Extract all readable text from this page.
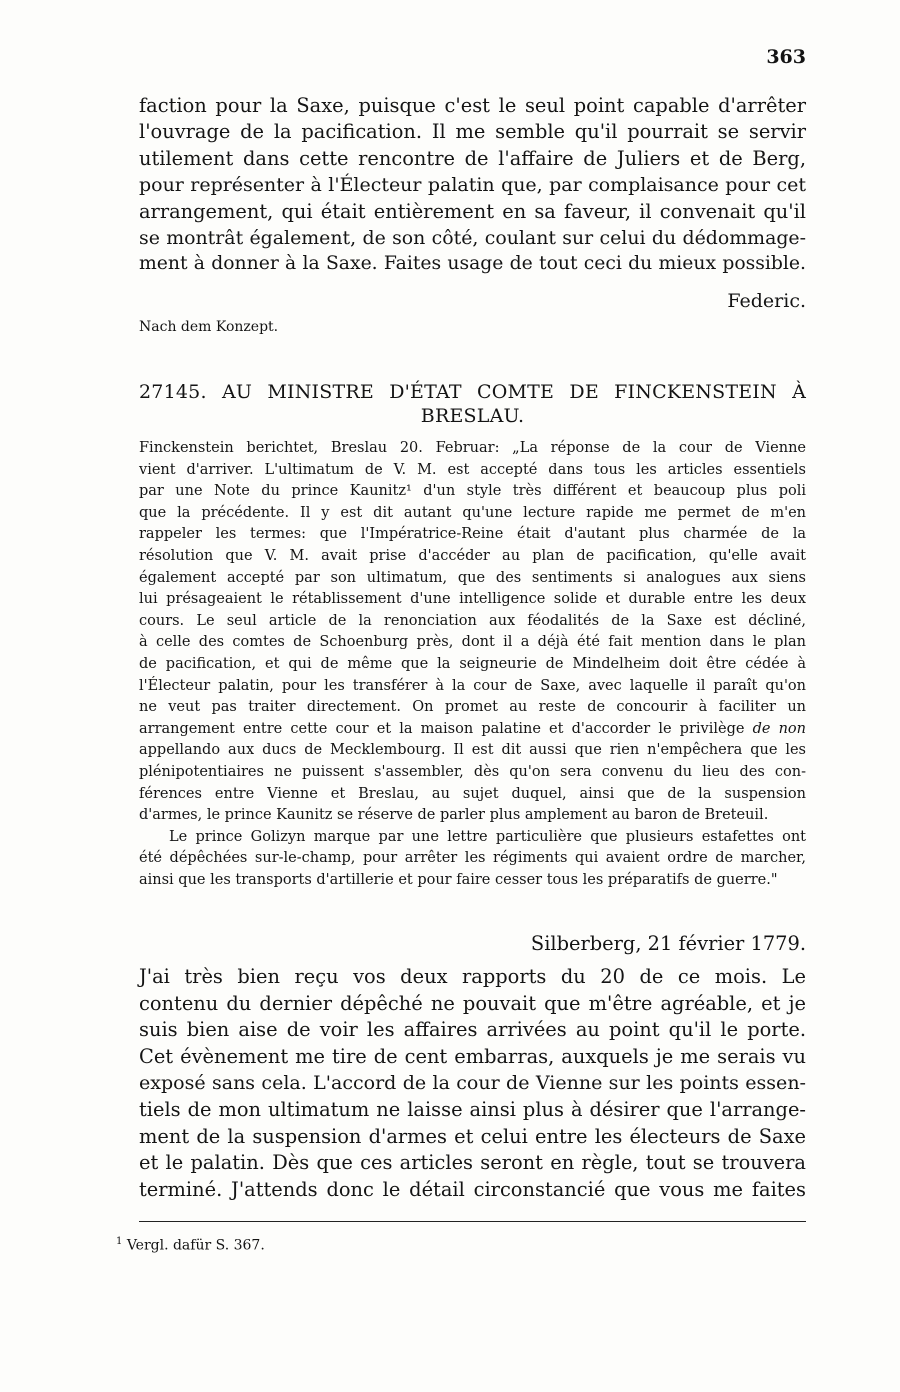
363
faction pour la Saxe, puisque c'est le seul point capable d'arrêter
l'ouvrage de la pacification. Il me semble qu'il pourrait se servir
utilement dans cette rencontre de l'affaire de Juliers et de Berg,
pour représenter à l'Électeur palatin que, par complaisance pour cet
arrangement, qui était entièrement en sa faveur, il convenait qu'il
se montrât également, de son côté, coulant sur celui du dédommage-
ment à donner à la Saxe. Faites usage de tout ceci du mieux possible.
Federic.
Nach dem Konzept.
27145. AU MINISTRE D'ÉTAT COMTE DE FINCKENSTEIN À
BRESLAU.
Finckenstein berichtet, Breslau 20. Februar: „La réponse de la cour de Vienne
vient d'arriver. L'ultimatum de V. M. est accepté dans tous les articles essentiels
par une Note du prince Kaunitz¹ d'un style très différent et beaucoup plus poli
que la précédente. Il y est dit autant qu'une lecture rapide me permet de m'en
rappeler les termes: que l'Impératrice-Reine était d'autant plus charmée de la
résolution que V. M. avait prise d'accéder au plan de pacification, qu'elle avait
également accepté par son ultimatum, que des sentiments si analogues aux siens
lui présageaient le rétablissement d'une intelligence solide et durable entre les deux
cours. Le seul article de la renonciation aux féodalités de la Saxe est décliné,
à celle des comtes de Schoenburg près, dont il a déjà été fait mention dans le plan
de pacification, et qui de même que la seigneurie de Mindelheim doit être cédée à
l'Électeur palatin, pour les transférer à la cour de Saxe, avec laquelle il paraît qu'on
ne veut pas traiter directement. On promet au reste de concourir à faciliter un
arrangement entre cette cour et la maison palatine et d'accorder le privilège de non
appellando aux ducs de Mecklembourg. Il est dit aussi que rien n'empêchera que les
plénipotentiaires ne puissent s'assembler, dès qu'on sera convenu du lieu des con-
férences entre Vienne et Breslau, au sujet duquel, ainsi que de la suspension
d'armes, le prince Kaunitz se réserve de parler plus amplement au baron de Breteuil.
Le prince Golizyn marque par une lettre particulière que plusieurs estafettes ont
été dépêchées sur-le-champ, pour arrêter les régiments qui avaient ordre de marcher,
ainsi que les transports d'artillerie et pour faire cesser tous les préparatifs de guerre."
Silberberg, 21 février 1779.
J'ai très bien reçu vos deux rapports du 20 de ce mois. Le
contenu du dernier dépêché ne pouvait que m'être agréable, et je
suis bien aise de voir les affaires arrivées au point qu'il le porte.
Cet évènement me tire de cent embarras, auxquels je me serais vu
exposé sans cela. L'accord de la cour de Vienne sur les points essen-
tiels de mon ultimatum ne laisse ainsi plus à désirer que l'arrange-
ment de la suspension d'armes et celui entre les électeurs de Saxe
et le palatin. Dès que ces articles seront en règle, tout se trouvera
terminé. J'attends donc le détail circonstancié que vous me faites
$^1$ Vergl. dafür S. 367.
